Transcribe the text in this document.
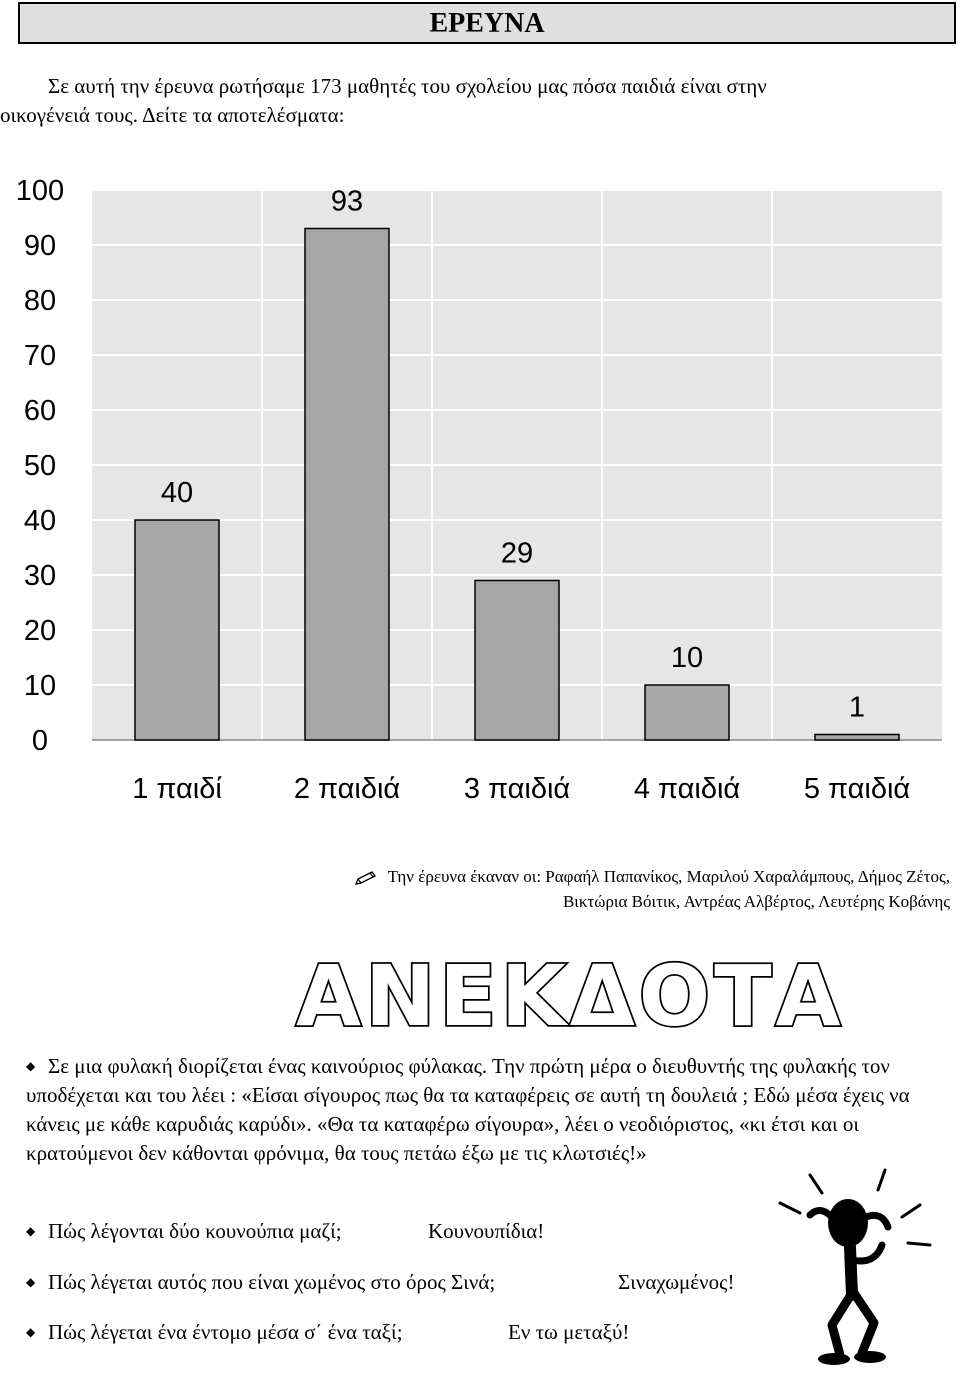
ΕΡΕΥΝΑ
Σε αυτή την έρευνα ρωτήσαμε 173 μαθητές του σχολείου μας πόσα παιδιά είναι στην
οικογένειά τους. Δείτε τα αποτελέσματα:
0
10
20
30
40
50
60
70
80
90
100
40
1 παιδί
93
2 παιδιά
29
3 παιδιά
10
4 παιδιά
1
5 παιδιά
Την έρευνα έκαναν οι: Ραφαήλ Παπανίκος, Μαριλού Χαραλάμπους, Δήμος Ζέτος,
Βικτώρια Βόιτικ, Αντρέας Αλβέρτος, Λευτέρης Κοβάνης
ΑΝΕΚΔΟΤΑ

◆ Σε μια φυλακή διορίζεται ένας καινούριος φύλακας. Την πρώτη μέρα ο διευθυντής της φυλακής τον υποδέχεται και του λέει : «Είσαι σίγουρος πως θα τα καταφέρεις σε αυτή τη δουλειά ; Εδώ μέσα έχεις να κάνεις με κάθε καρυδιάς καρύδι». «Θα τα καταφέρω σίγουρα», λέει ο νεοδιόριστος, «κι έτσι και οι κρατούμενοι δεν κάθονται φρόνιμα, θα τους πετάω έξω με τις κλωτσιές!»

◆ Πώς λέγονται δύο κουνούπια μαζί;	Κουνουπίδια!
◆ Πώς λέγεται αυτός που είναι χωμένος στο όρος Σινά;	Σιναχωμένος!
◆ Πώς λέγεται ένα έντομο μέσα σ΄ ένα ταξί;	Εν τω μεταξύ!
